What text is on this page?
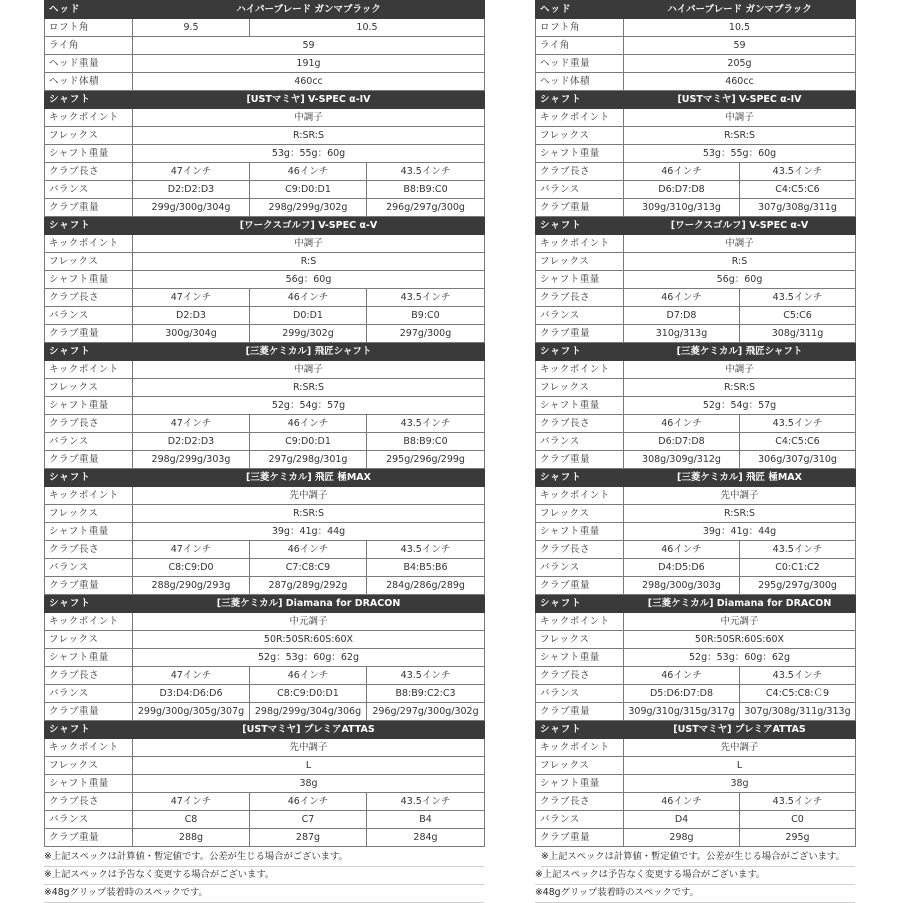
ヘッド	ハイパーブレード ガンマブラック		
ロフト角	9.5	10.5	
ライ角	59		
ヘッド重量	191g		
ヘッド体積	460cc		
シャフト	[USTマミヤ] V-SPEC α-IV		
キックポイント	中調子		
フレックス	R:SR:S		
シャフト重量	53g：55g：60g		
クラブ長さ	47インチ	46インチ	43.5インチ
バランス	D2:D2:D3	C9:D0:D1	B8:B9:C0
クラブ重量	299g/300g/304g	298g/299g/302g	296g/297g/300g
シャフト	[ワークスゴルフ] V-SPEC α-V		
キックポイント	中調子		
フレックス	R:S		
シャフト重量	56g：60g		
クラブ長さ	47インチ	46インチ	43.5インチ
バランス	D2:D3	D0:D1	B9:C0
クラブ重量	300g/304g	299g/302g	297g/300g
シャフト	[三菱ケミカル] 飛匠シャフト		
キックポイント	中調子		
フレックス	R:SR:S		
シャフト重量	52g：54g：57g		
クラブ長さ	47インチ	46インチ	43.5インチ
バランス	D2:D2:D3	C9:D0:D1	B8:B9:C0
クラブ重量	298g/299g/303g	297g/298g/301g	295g/296g/299g
シャフト	[三菱ケミカル] 飛匠 極MAX		
キックポイント	先中調子		
フレックス	R:SR:S		
シャフト重量	39g：41g：44g		
クラブ長さ	47インチ	46インチ	43.5インチ
バランス	C8:C9:D0	C7:C8:C9	B4:B5:B6
クラブ重量	288g/290g/293g	287g/289g/292g	284g/286g/289g
シャフト	[三菱ケミカル] Diamana for DRACON		
キックポイント	中元調子		
フレックス	50R:50SR:60S:60X		
シャフト重量	52g：53g：60g：62g		
クラブ長さ	47インチ	46インチ	43.5インチ
バランス	D3:D4:D6:D6	C8:C9:D0:D1	B8:B9:C2:C3
クラブ重量	299g/300g/305g/307g	298g/299g/304g/306g	296g/297g/300g/302g
シャフト	[USTマミヤ] プレミアATTAS		
キックポイント	先中調子		
フレックス	L		
シャフト重量	38g		
クラブ長さ	47インチ	46インチ	43.5インチ
バランス	C8	C7	B4
クラブ重量	288g	287g	284g
ヘッド	ハイパーブレード ガンマブラック	
ロフト角	10.5	
ライ角	59	
ヘッド重量	205g	
ヘッド体積	460cc	
シャフト	[USTマミヤ] V-SPEC α-IV	
キックポイント	中調子	
フレックス	R:SR:S	
シャフト重量	53g：55g：60g	
クラブ長さ	46インチ	43.5インチ
バランス	D6:D7:D8	C4:C5:C6
クラブ重量	309g/310g/313g	307g/308g/311g
シャフト	[ワークスゴルフ] V-SPEC α-V	
キックポイント	中調子	
フレックス	R:S	
シャフト重量	56g：60g	
クラブ長さ	46インチ	43.5インチ
バランス	D7:D8	C5:C6
クラブ重量	310g/313g	308g/311g
シャフト	[三菱ケミカル] 飛匠シャフト	
キックポイント	中調子	
フレックス	R:SR:S	
シャフト重量	52g：54g：57g	
クラブ長さ	46インチ	43.5インチ
バランス	D6:D7:D8	C4:C5:C6
クラブ重量	308g/309g/312g	306g/307g/310g
シャフト	[三菱ケミカル] 飛匠 極MAX	
キックポイント	先中調子	
フレックス	R:SR:S	
シャフト重量	39g：41g：44g	
クラブ長さ	46インチ	43.5インチ
バランス	D4:D5:D6	C0:C1:C2
クラブ重量	298g/300g/303g	295g/297g/300g
シャフト	[三菱ケミカル] Diamana for DRACON	
キックポイント	中元調子	
フレックス	50R:50SR:60S:60X	
シャフト重量	52g：53g：60g：62g	
クラブ長さ	46インチ	43.5インチ
バランス	D5:D6:D7:D8	C4:C5:C8:Ｃ9
クラブ重量	309g/310g/315g/317g	307g/308g/311g/313g
シャフト	[USTマミヤ] プレミアATTAS	
キックポイント	先中調子	
フレックス	L	
シャフト重量	38g	
クラブ長さ	46インチ	43.5インチ
バランス	D4	C0
クラブ重量	298g	295g
※上記スペックは計算値・暫定値です。公差が生じる場合がございます。
※上記スペックは予告なく変更する場合がございます。
※48gグリップ装着時のスペックです。
※上記スペックは計算値・暫定値です。公差が生じる場合がございます。
※上記スペックは予告なく変更する場合がございます。
※48gグリップ装着時のスペックです。
